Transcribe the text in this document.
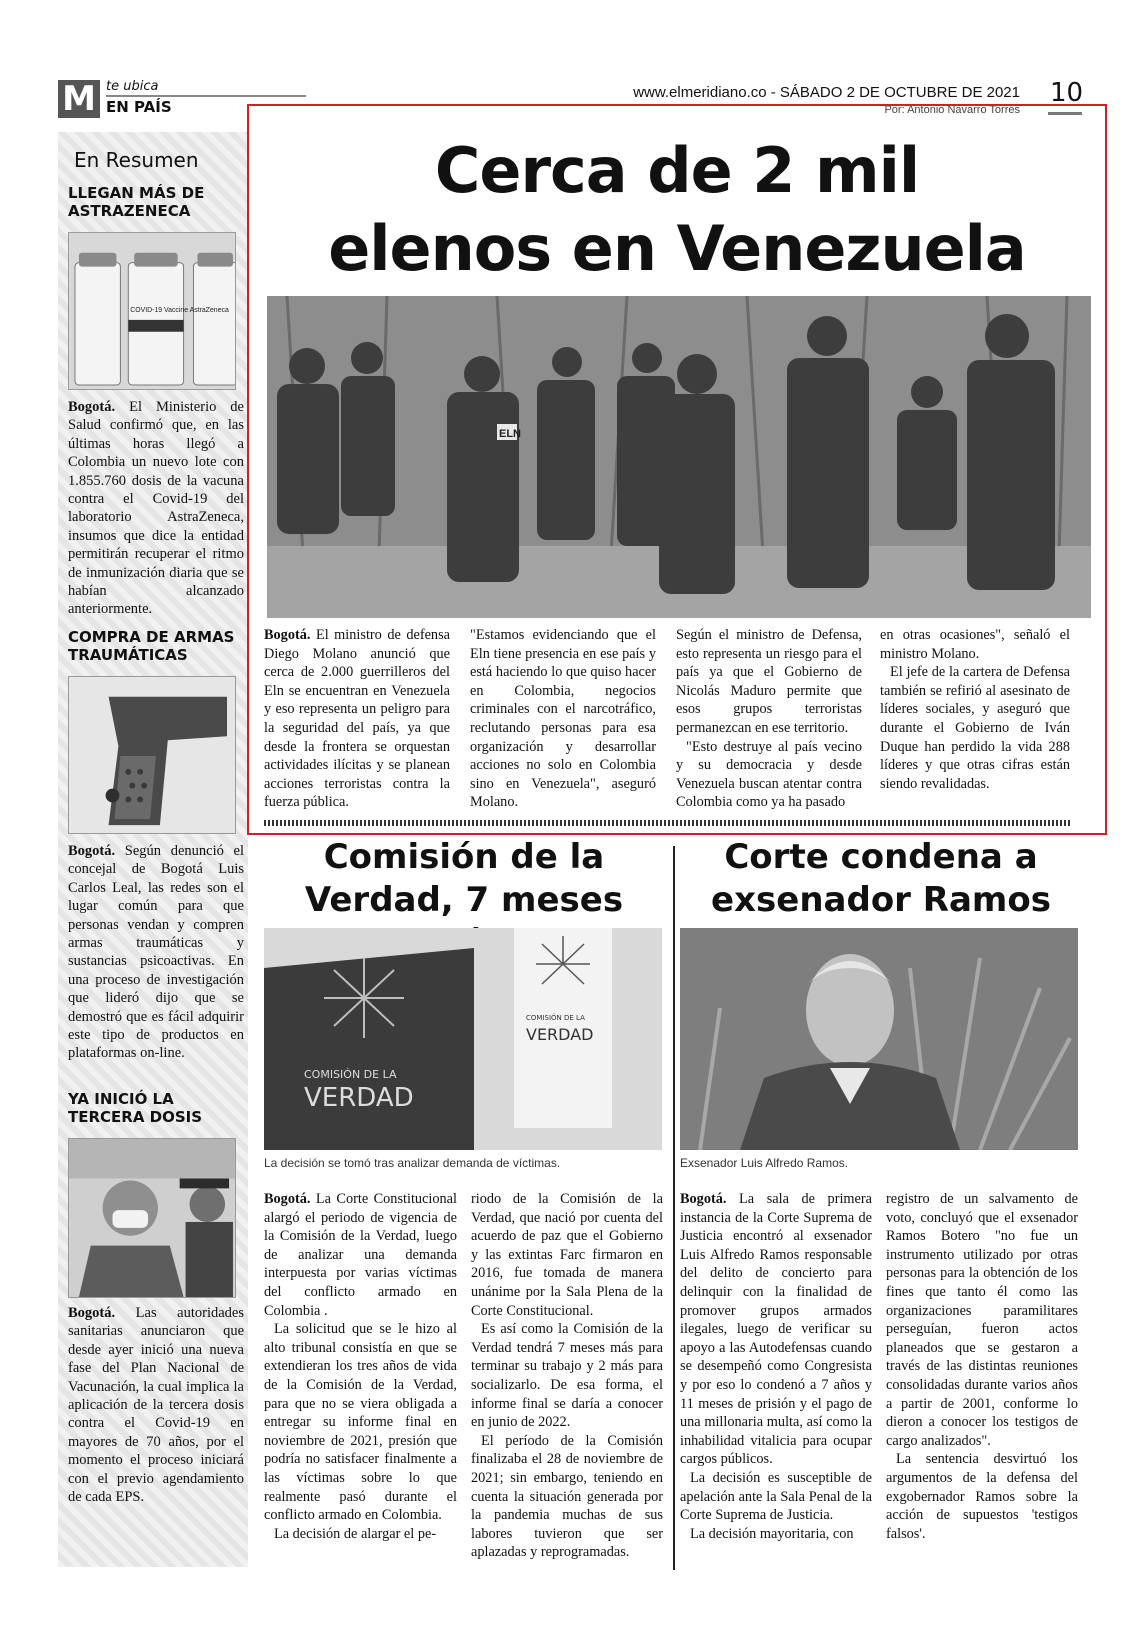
M te ubica
EN PAÍS
www.elmeridiano.co - SÁBADO 2 DE OCTUBRE DE 2021 10
Por: Antonio Navarro Torres
En Resumen
LLEGAN MÁS DE ASTRAZENECA
COVID-19 Vaccine AstraZeneca
Bogotá. El Ministerio de Salud confirmó que, en las últimas horas llegó a Colombia un nuevo lote con 1.855.760 dosis de la vacuna contra el Covid-19 del laboratorio AstraZeneca, insumos que dice la entidad permitirán recuperar el ritmo de inmunización diaria que se habían alcanzado anteriormente.
COMPRA DE ARMAS TRAUMÁTICAS
Bogotá. Según denunció el concejal de Bogotá Luis Carlos Leal, las redes son el lugar común para que personas vendan y compren armas traumáticas y sustancias psicoactivas. En una proceso de investigación que lideró dijo que se demostró que es fácil adquirir este tipo de productos en plataformas on-line.
YA INICIÓ LA TERCERA DOSIS
Bogotá. Las autoridades sanitarias anunciaron que desde ayer inició una nueva fase del Plan Nacional de Vacunación, la cual implica la aplicación de la tercera dosis contra el Covid-19 en mayores de 70 años, por el momento el proceso iniciará con el previo agendamiento de cada EPS.
Cerca de 2 mil
elenos en Venezuela
ELN

Bogotá. El ministro de defensa Diego Molano anunció que cerca de 2.000 guerrilleros del Eln se encuentran en Venezuela y eso representa un peligro para la seguridad del país, ya que desde la frontera se orquestan actividades ilícitas y se planean acciones terroristas contra la fuerza pública.

"Estamos evidenciando que el Eln tiene presencia en ese país y está haciendo lo que quiso hacer en Colombia, negocios criminales con el narcotráfico, reclutando personas para esa organización y desarrollar acciones no solo en Colombia sino en Venezuela", aseguró Molano.

Según el ministro de Defensa, esto representa un riesgo para el país ya que el Gobierno de Nicolás Maduro permite que esos grupos terroristas permanezcan en ese territorio.

"Esto destruye al país vecino y su democracia y desde Venezuela buscan atentar contra Colombia como ya ha pasado

en otras ocasiones", señaló el ministro Molano.

El jefe de la cartera de Defensa también se refirió al asesinato de líderes sociales, y aseguró que durante el Gobierno de Iván Duque han perdido la vida 288 líderes y que otras cifras están siendo revalidadas.

Comisión de la Verdad, 7 meses
COMISIÓN DE LA
VERDAD
COMISIÓN DE LA
VERDAD
La decisión se tomó tras analizar demanda de víctimas.

Bogotá. La Corte Constitucional alargó el periodo de vigencia de la Comisión de la Verdad, luego de analizar una demanda interpuesta por varias víctimas del conflicto armado en Colombia .

La solicitud que se le hizo al alto tribunal consistía en que se extendieran los tres años de vida de la Comisión de la Verdad, para que no se viera obligada a entregar su informe final en noviembre de 2021, presión que podría no satisfacer finalmente a las víctimas sobre lo que realmente pasó durante el conflicto armado en Colombia.

La decisión de alargar el pe-

riodo de la Comisión de la Verdad, que nació por cuenta del acuerdo de paz que el Gobierno y las extintas Farc firmaron en 2016, fue tomada de manera unánime por la Sala Plena de la Corte Constitucional.

Es así como la Comisión de la Verdad tendrá 7 meses más para terminar su trabajo y 2 más para socializarlo. De esa forma, el informe final se daría a conocer en junio de 2022.

El período de la Comisión finalizaba el 28 de noviembre de 2021; sin embargo, teniendo en cuenta la situación generada por la pandemia muchas de sus labores tuvieron que ser aplazadas y reprogramadas.

Corte condena a exsenador Ramos
Exsenador Luis Alfredo Ramos.

Bogotá. La sala de primera instancia de la Corte Suprema de Justicia encontró al exsenador Luis Alfredo Ramos responsable del delito de concierto para delinquir con la finalidad de promover grupos armados ilegales, luego de verificar su apoyo a las Autodefensas cuando se desempeñó como Congresista y por eso lo condenó a 7 años y 11 meses de prisión y el pago de una millonaria multa, así como la inhabilidad vitalicia para ocupar cargos públicos.

La decisión es susceptible de apelación ante la Sala Penal de la Corte Suprema de Justicia.

La decisión mayoritaria, con

registro de un salvamento de voto, concluyó que el exsenador Ramos Botero "no fue un instrumento utilizado por otras personas para la obtención de los fines que tanto él como las organizaciones paramilitares perseguían, fueron actos planeados que se gestaron a través de las distintas reuniones consolidadas durante varios años a partir de 2001, conforme lo dieron a conocer los testigos de cargo analizados".

La sentencia desvirtuó los argumentos de la defensa del exgobernador Ramos sobre la acción de supuestos 'testigos falsos'.
